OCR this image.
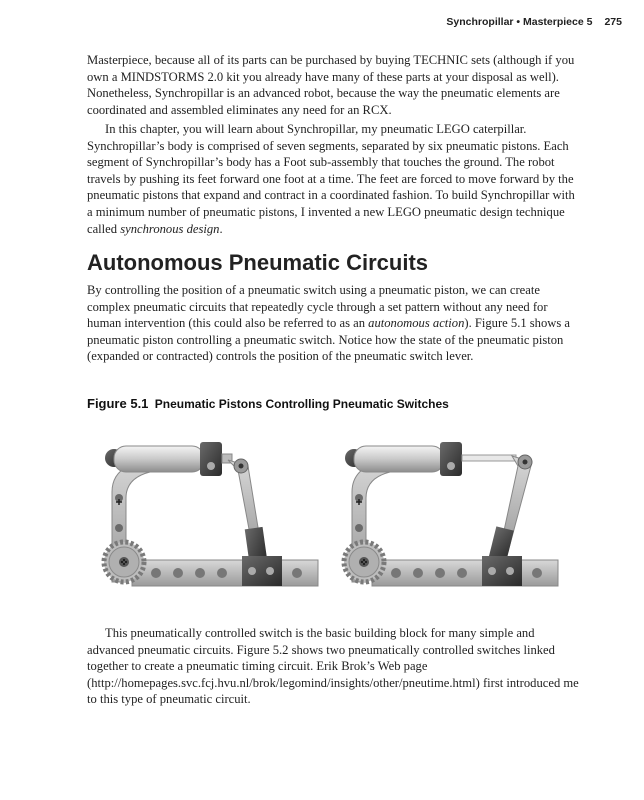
Synchropillar • Masterpiece 5 275

Masterpiece, because all of its parts can be purchased by buying TECHNIC sets (although if you own a MINDSTORMS 2.0 kit you already have many of these parts at your disposal as well). Nonetheless, Synchropillar is an advanced robot, because the way the pneumatic elements are coordinated and assembled eliminates any need for an RCX.

In this chapter, you will learn about Synchropillar, my pneumatic LEGO caterpillar. Synchropillar’s body is comprised of seven segments, separated by six pneumatic pistons. Each segment of Synchropillar’s body has a Foot sub-assembly that touches the ground. The robot travels by pushing its feet forward one foot at a time. The feet are forced to move forward by the pneumatic pistons that expand and contract in a coordinated fashion. To build Synchropillar with a minimum number of pneumatic pistons, I invented a new LEGO pneumatic design technique called synchronous design.

Autonomous Pneumatic Circuits

By controlling the position of a pneumatic switch using a pneumatic piston, we can create complex pneumatic circuits that repeatedly cycle through a set pattern without any need for human intervention (this could also be referred to as an autonomous action). Figure 5.1 shows a pneumatic piston controlling a pneumatic switch. Notice how the state of the pneumatic piston (expanded or contracted) controls the position of the pneumatic switch lever.

Figure 5.1 Pneumatic Pistons Controlling Pneumatic Switches

This pneumatically controlled switch is the basic building block for many simple and advanced pneumatic circuits. Figure 5.2 shows two pneumatically controlled switches linked together to create a pneumatic timing circuit. Erik Brok’s Web page (http://homepages.svc.fcj.hvu.nl/brok/legomind/insights/other/pneutime.html) first introduced me to this type of pneumatic circuit.
